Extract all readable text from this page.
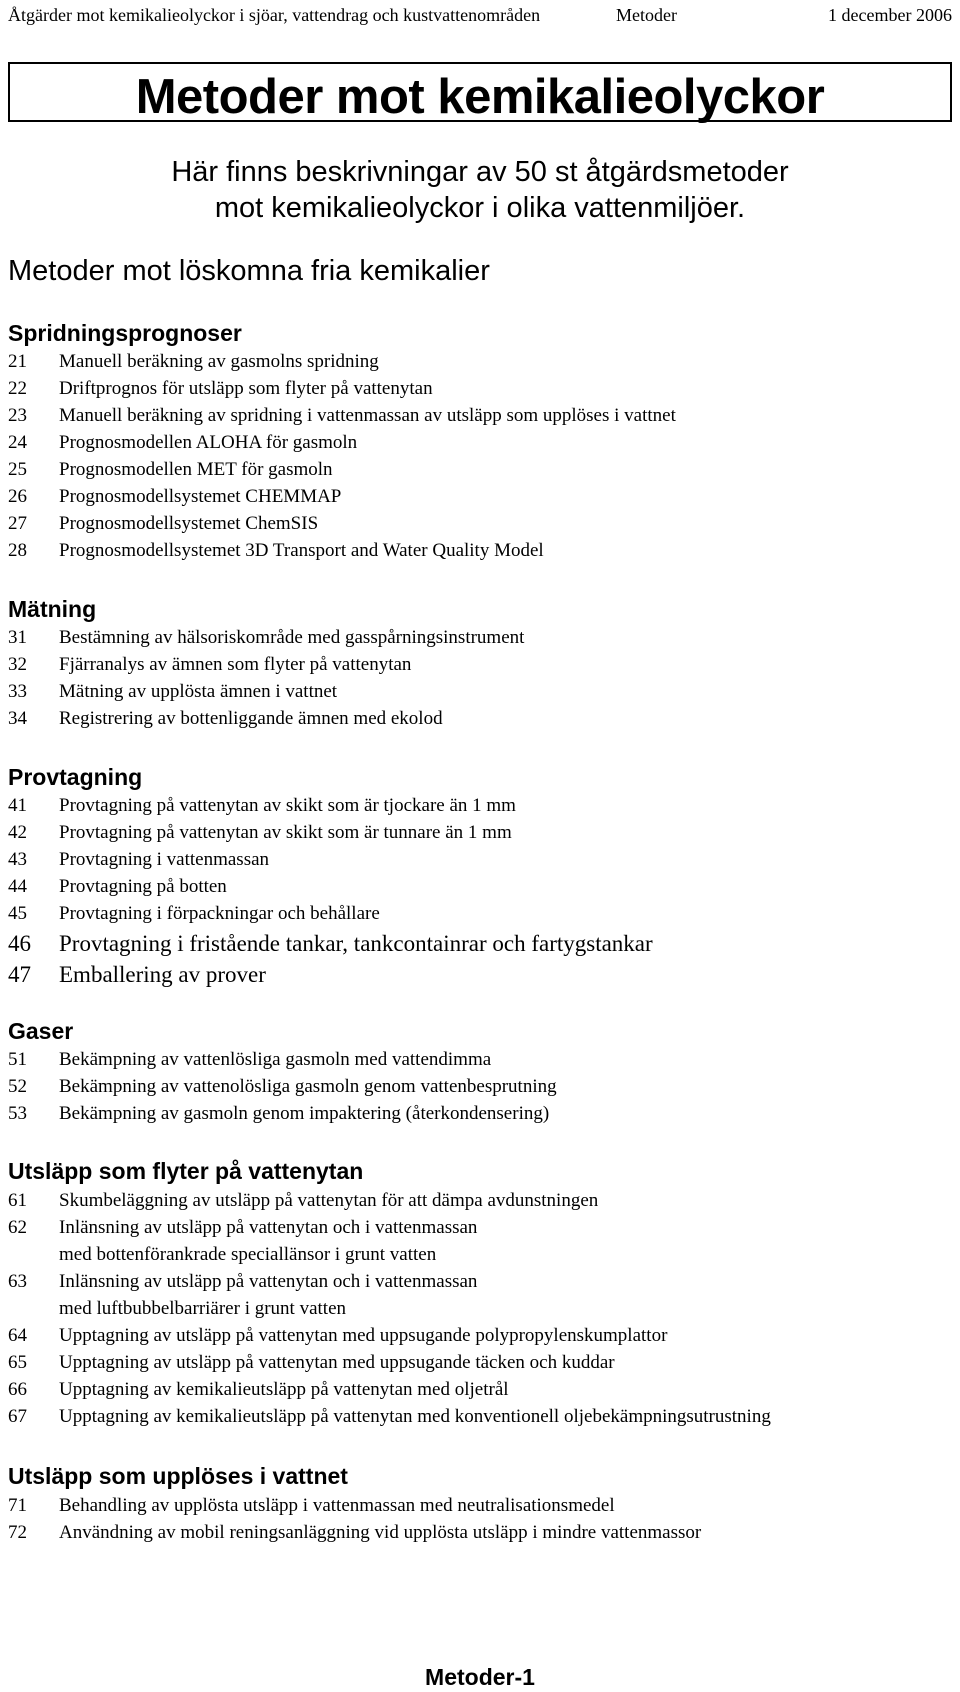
Åtgärder mot kemikalieolyckor i sjöar, vattendrag och kustvattenområden	Metoder	1 december 2006
Metoder mot kemikalieolyckor
Här finns beskrivningar av 50 st åtgärdsmetoder
mot kemikalieolyckor i olika vattenmiljöer.
Metoder mot löskomna fria kemikalier
Spridningsprognoser
21 Manuell beräkning av gasmolns spridning
22 Driftprognos för utsläpp som flyter på vattenytan
23 Manuell beräkning av spridning i vattenmassan av utsläpp som upplöses i vattnet
24 Prognosmodellen ALOHA för gasmoln
25 Prognosmodellen MET för gasmoln
26 Prognosmodellsystemet CHEMMAP
27 Prognosmodellsystemet ChemSIS
28 Prognosmodellsystemet 3D Transport and Water Quality Model
Mätning
31 Bestämning av hälsoriskområde med gasspårningsinstrument
32 Fjärranalys av ämnen som flyter på vattenytan
33 Mätning av upplösta ämnen i vattnet
34 Registrering av bottenliggande ämnen med ekolod
Provtagning
41 Provtagning på vattenytan av skikt som är tjockare än 1 mm
42 Provtagning på vattenytan av skikt som är tunnare än 1 mm
43 Provtagning i vattenmassan
44 Provtagning på botten
45 Provtagning i förpackningar och behållare
46 Provtagning i fristående tankar, tankcontainrar och fartygstankar
47 Emballering av prover
Gaser
51 Bekämpning av vattenlösliga gasmoln med vattendimma
52 Bekämpning av vattenolösliga gasmoln genom vattenbesprutning
53 Bekämpning av gasmoln genom impaktering (återkondensering)
Utsläpp som flyter på vattenytan
61 Skumbeläggning av utsläpp på vattenytan för att dämpa avdunstningen
62 Inlänsning av utsläpp på vattenytan och i vattenmassan
med bottenförankrade speciallänsor i grunt vatten
63 Inlänsning av utsläpp på vattenytan och i vattenmassan
med luftbubbelbarriärer i grunt vatten
64 Upptagning av utsläpp på vattenytan med uppsugande polypropylenskumplattor
65 Upptagning av utsläpp på vattenytan med uppsugande täcken och kuddar
66 Upptagning av kemikalieutsläpp på vattenytan med oljetrål
67 Upptagning av kemikalieutsläpp på vattenytan med konventionell oljebekämpningsutrustning
Utsläpp som upplöses i vattnet
71 Behandling av upplösta utsläpp i vattenmassan med neutralisationsmedel
72 Användning av mobil reningsanläggning vid upplösta utsläpp i mindre vattenmassor
Metoder-1
